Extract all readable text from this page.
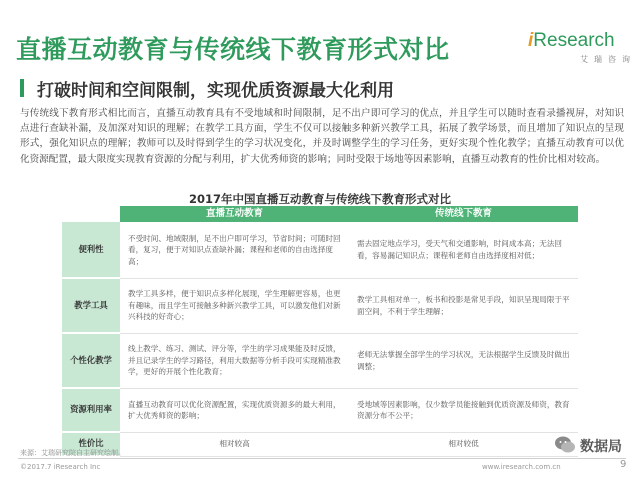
直播互动教育与传统线下教育形式对比	iResearch
艾瑞咨询
打破时间和空间限制，实现优质资源最大化利用
与传统线下教育形式相比而言，直播互动教育具有不受地域和时间限制，足不出户即可学习的优点，并且学生可以随时查看录播视屏，对知识点进行查缺补漏，及加深对知识的理解；在教学工具方面，学生不仅可以接触多种新兴教学工具，拓展了教学场景，而且增加了知识点的呈现形式，强化知识点的理解；教师可以及时得到学生的学习状况变化，并及时调整学生的学习任务，更好实现个性化教学；直播互动教育可以优化资源配置，最大限度实现教育资源的分配与利用，扩大优秀师资的影响；同时受限于场地等因素影响，直播互动教育的性价比相对较高。
2017年中国直播互动教育与传统线下教育形式对比
	直播互动教育	传统线下教育
便利性	不受时间、地域限制，足不出户即可学习，节省时间；可随时回看，复习，便于对知识点查缺补漏；课程和老师的自由选择度高；	需去固定地点学习，受天气和交通影响，时间成本高；无法回看，容易漏记知识点；课程和老师自由选择度相对低；
教学工具	教学工具多样，便于知识点多样化展现，学生理解更容易，也更有趣味，而且学生可接触多种新兴教学工具，可以激发他们对新兴科技的好奇心；	教学工具相对单一，板书和投影是常见手段，知识呈现局限于平面空间，不利于学生理解；
个性化教学	线上教学、练习、测试、评分等，学生的学习成果能及时反馈，并且记录学生的学习路径，利用大数据等分析手段可实现精准教学，更好的开展个性化教育；	老师无法掌握全部学生的学习状况，无法根据学生反馈及时做出调整；
资源利用率	直播互动教育可以优化资源配置，实现优质资源多的最大利用，扩大优秀师资的影响；	受地域等因素影响，仅少数学员能接触到优质资源及师资，教育资源分布不公平；
性价比	相对较高	相对较低
来源：艾瑞研究院自主研究绘制。
©2017.7 iResearch Inc	www.iresearch.com.cn	9
数据局
